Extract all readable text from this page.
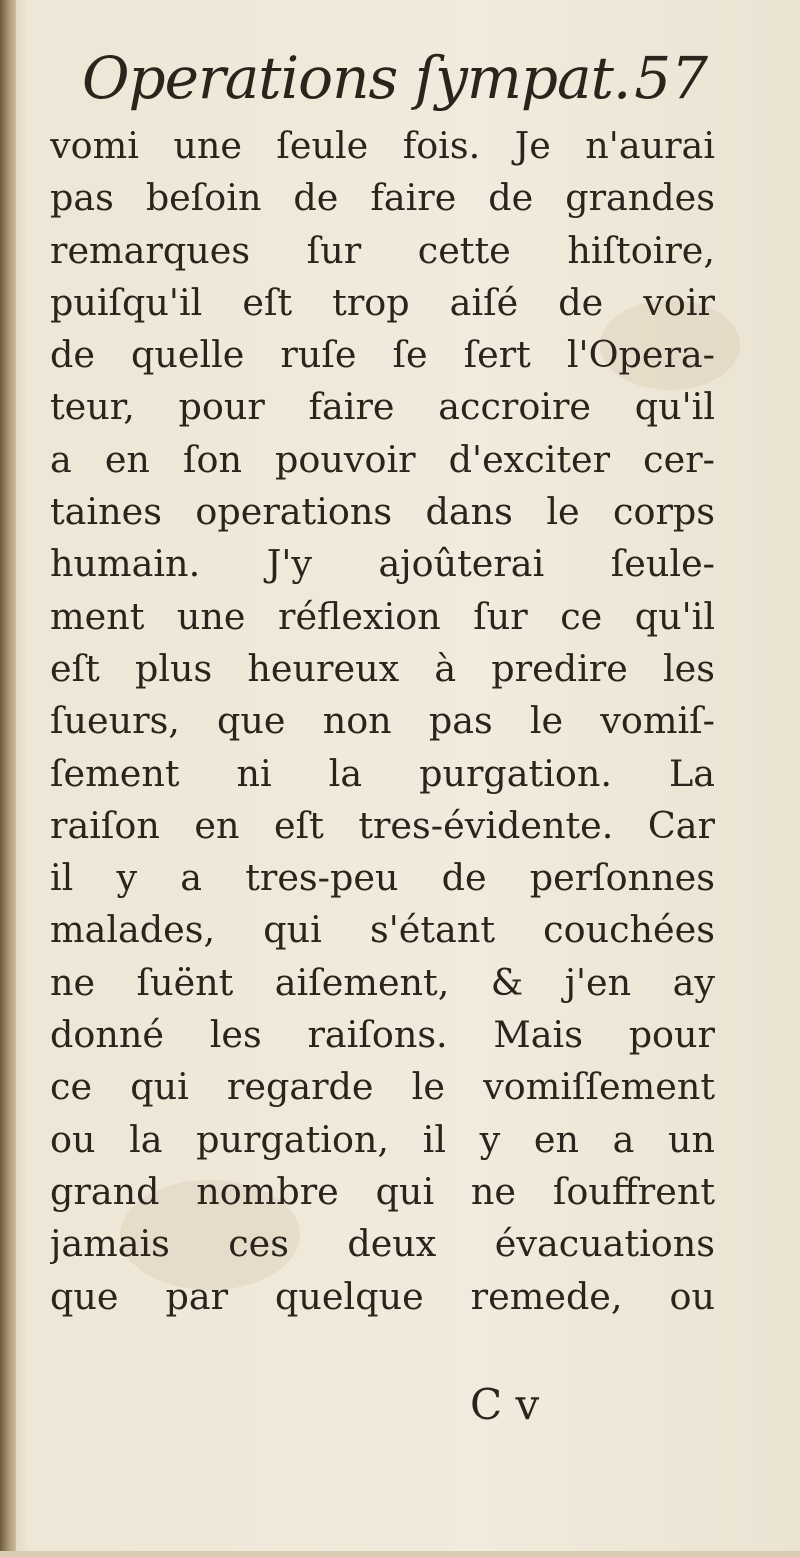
Operations ſympat. 57
vomi une ſeule fois. Je n'aurai
pas beſoin de faire de grandes
remarques ſur cette hiſtoire,
puiſqu'il eſt trop aiſé de voir
de quelle ruſe ſe ſert l'Opera-
teur, pour faire accroire qu'il
a en ſon pouvoir d'exciter cer-
taines operations dans le corps
humain. J'y ajoûterai ſeule-
ment une réflexion ſur ce qu'il
eſt plus heureux à predire les
ſueurs, que non pas le vomiſ-
ſement ni la purgation. La
raiſon en eſt tres-évidente. Car
il y a tres-peu de perſonnes
malades, qui s'étant couchées
ne ſuënt aiſement, & j'en ay
donné les raiſons. Mais pour
ce qui regarde le vomiſſement
ou la purgation, il y en a un
grand nombre qui ne ſouffrent
jamais ces deux évacuations
que par quelque remede, ou
C v
